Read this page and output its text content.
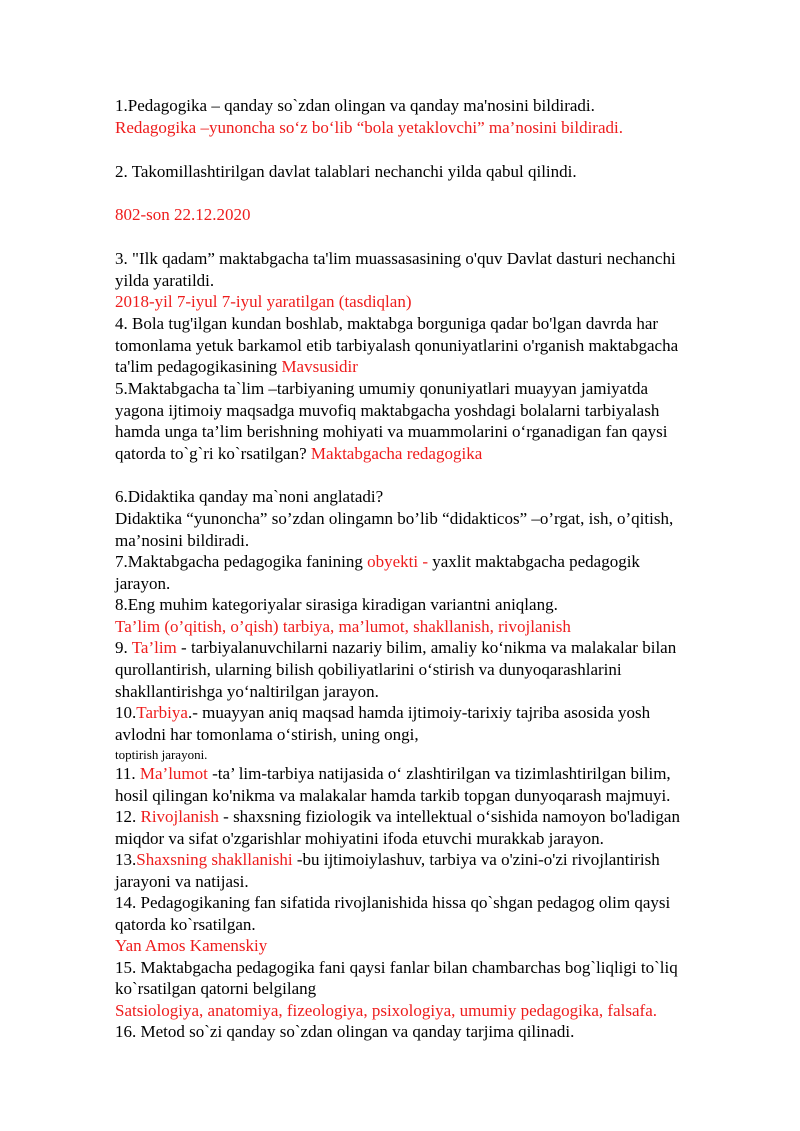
1.Pedagogika – qanday so`zdan olingan va qanday ma'nosini bildiradi.
Redagogika –yunoncha so‘z bo‘lib “bola yetaklovchi” ma’nosini bildiradi.
2. Takomillashtirilgan davlat talablari nechanchi yilda qabul qilindi.
802-son 22.12.2020
3. "Ilk qadam” maktabgacha ta'lim muassasasining o'quv Davlat dasturi nechanchi
yilda yaratildi.
2018-yil 7-iyul 7-iyul yaratilgan (tasdiqlan)
4. Bola tug'ilgan kundan boshlab, maktabga borguniga qadar bo'lgan davrda har
tomonlama yetuk barkamol etib tarbiyalash qonuniyatlarini o'rganish maktabgacha
ta'lim pedagogikasining Mavsusidir
5.Maktabgacha ta`lim –tarbiyaning umumiy qonuniyatlari muayyan jamiyatda
yagona ijtimoiy maqsadga muvofiq maktabgacha yoshdagi bolalarni tarbiyalash
hamda unga ta’lim berishning mohiyati va muammolarini o‘rganadigan fan qaysi
qatorda to`g`ri ko`rsatilgan? Maktabgacha redagogika
6.Didaktika qanday ma`noni anglatadi?
Didaktika “yunoncha” so’zdan olingamn bo’lib “didakticos” –o’rgat, ish, o’qitish,
ma’nosini bildiradi.
7.Maktabgacha pedagogika fanining obyekti - yaxlit maktabgacha pedagogik
jarayon.
8.Eng muhim kategoriyalar sirasiga kiradigan variantni aniqlang.
Ta’lim (o’qitish, o’qish) tarbiya, ma’lumot, shakllanish, rivojlanish
9. Ta’lim - tarbiyalanuvchilarni nazariy bilim, amaliy ko‘nikma va malakalar bilan
qurollantirish, ularning bilish qobiliyatlarini o‘stirish va dunyoqarashlarini
shakllantirishga yo‘naltirilgan jarayon.
10.Tarbiya.- muayyan aniq maqsad hamda ijtimoiy-tarixiy tajriba asosida yosh
avlodni har tomonlama o‘stirish, uning ongi,
toptirish jarayoni.
11. Ma’lumot -ta’ lim-tarbiya natijasida o‘ zlashtirilgan va tizimlashtirilgan bilim,
hosil qilingan ko'nikma va malakalar hamda tarkib topgan dunyoqarash majmuyi.
12. Rivojlanish - shaxsning fiziologik va intellektual o‘sishida namoyon bo'ladigan
miqdor va sifat o'zgarishlar mohiyatini ifoda etuvchi murakkab jarayon.
13.Shaxsning shakllanishi -bu ijtimoiylashuv, tarbiya va o'zini-o'zi rivojlantirish
jarayoni va natijasi.
14. Pedagogikaning fan sifatida rivojlanishida hissa qo`shgan pedagog olim qaysi
qatorda ko`rsatilgan.
Yan Amos Kamenskiy
15. Maktabgacha pedagogika fani qaysi fanlar bilan chambarchas bog`liqligi to`liq
ko`rsatilgan qatorni belgilang
Satsiologiya, anatomiya, fizeologiya, psixologiya, umumiy pedagogika, falsafa.
16. Metod so`zi qanday so`zdan olingan va qanday tarjima qilinadi.
